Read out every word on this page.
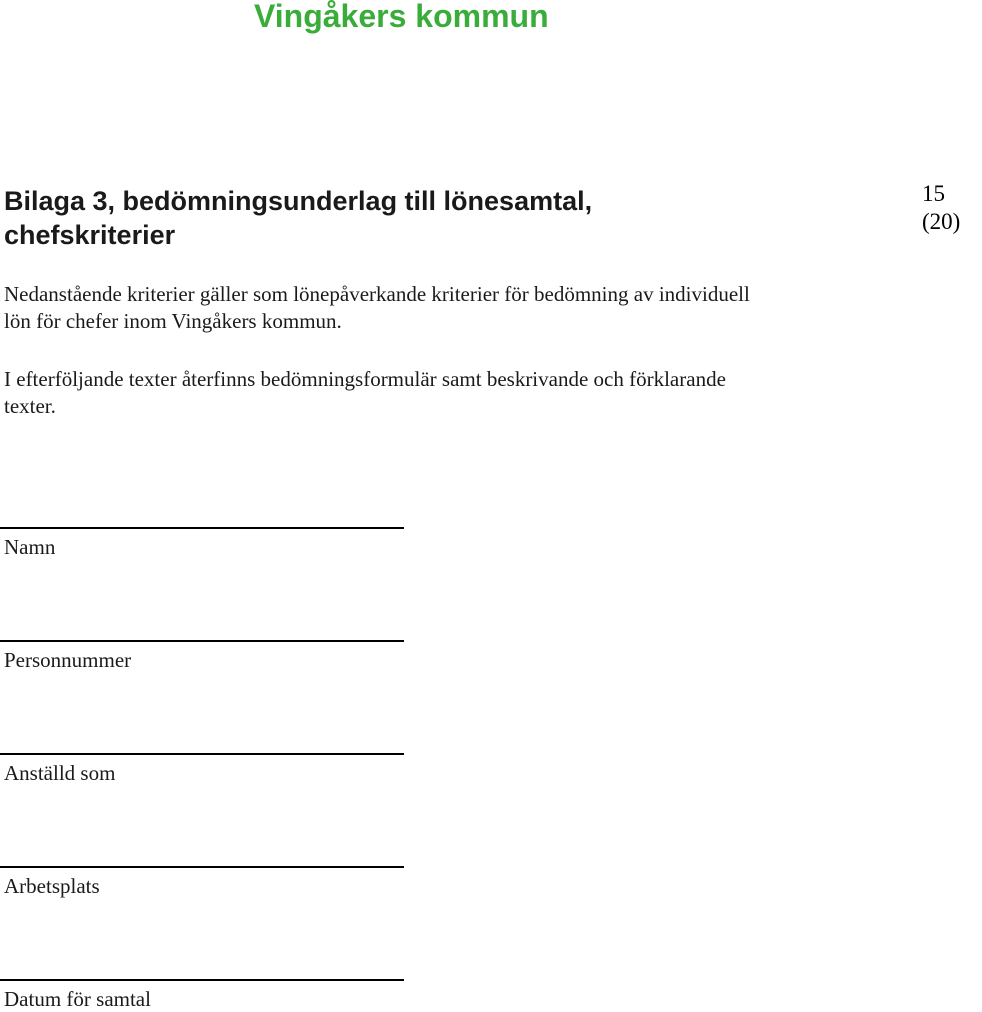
Vingåkers kommun
Bilaga 3, bedömningsunderlag till lönesamtal, chefskriterier
15
(20)

Nedanstående kriterier gäller som lönepåverkande kriterier för bedömning av individuell lön för chefer inom Vingåkers kommun.

I efterföljande texter återfinns bedömningsformulär samt beskrivande och förklarande texter.

Namn
Personnummer
Anställd som
Arbetsplats
Datum för samtal
